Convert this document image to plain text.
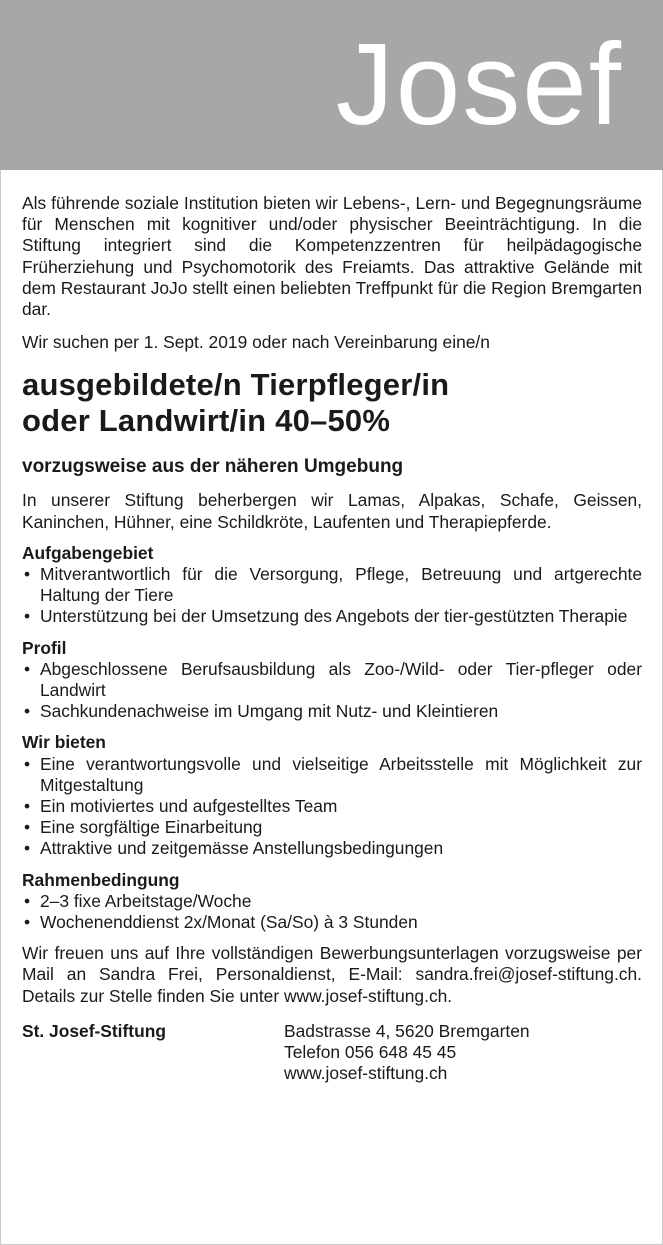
Josef

Als führende soziale Institution bieten wir Lebens-, Lern- und Begegnungsräume für Menschen mit kognitiver und/oder physischer Beeinträchtigung. In die Stiftung integriert sind die Kompetenzzentren für heilpädagogische Früherziehung und Psychomotorik des Freiamts. Das attraktive Gelände mit dem Restaurant JoJo stellt einen beliebten Treffpunkt für die Region Bremgarten dar.

Wir suchen per 1. Sept. 2019 oder nach Vereinbarung eine/n

ausgebildete/n Tierpfleger/in
oder Landwirt/in 40–50%

vorzugsweise aus der näheren Umgebung

In unserer Stiftung beherbergen wir Lamas, Alpakas, Schafe, Geissen, Kaninchen, Hühner, eine Schildkröte, Laufenten und Therapiepferde.

Aufgabengebiet
• Mitverantwortlich für die Versorgung, Pflege, Betreuung und artgerechte Haltung der Tiere
• Unterstützung bei der Umsetzung des Angebots der tier-gestützten Therapie
Profil
• Abgeschlossene Berufsausbildung als Zoo-/Wild- oder Tier-pfleger oder Landwirt
• Sachkundenachweise im Umgang mit Nutz- und Kleintieren
Wir bieten
• Eine verantwortungsvolle und vielseitige Arbeitsstelle mit Möglichkeit zur Mitgestaltung
• Ein motiviertes und aufgestelltes Team
• Eine sorgfältige Einarbeitung
• Attraktive und zeitgemässe Anstellungsbedingungen
Rahmenbedingung
• 2–3 fixe Arbeitstage/Woche
• Wochenenddienst 2x/Monat (Sa/So) à 3 Stunden

Wir freuen uns auf Ihre vollständigen Bewerbungsunterlagen vorzugsweise per Mail an Sandra Frei, Personaldienst, E-Mail: sandra.frei@josef-stiftung.ch. Details zur Stelle finden Sie unter www.josef-stiftung.ch.

St. Josef-Stiftung	Badstrasse 4, 5620 Bremgarten

Telefon 056 648 45 45

www.josef-stiftung.ch
